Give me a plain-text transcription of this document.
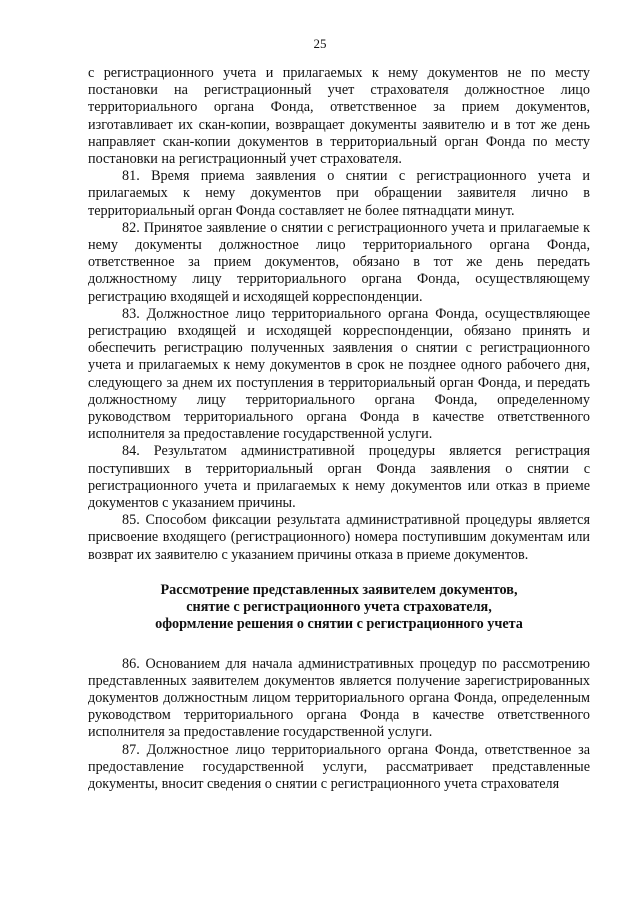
25

с регистрационного учета и прилагаемых к нему документов не по месту постановки на регистрационный учет страхователя должностное лицо территориального органа Фонда, ответственное за прием документов, изготавливает их скан-копии, возвращает документы заявителю и в тот же день направляет скан-копии документов в территориальный орган Фонда по месту постановки на регистрационный учет страхователя.

81. Время приема заявления о снятии с регистрационного учета и прилагаемых к нему документов при обращении заявителя лично в территориальный орган Фонда составляет не более пятнадцати минут.

82. Принятое заявление о снятии с регистрационного учета и прилагаемые к нему документы должностное лицо территориального органа Фонда, ответственное за прием документов, обязано в тот же день передать должностному лицу территориального органа Фонда, осуществляющему регистрацию входящей и исходящей корреспонденции.

83. Должностное лицо территориального органа Фонда, осуществляющее регистрацию входящей и исходящей корреспонденции, обязано принять и обеспечить регистрацию полученных заявления о снятии с регистрационного учета и прилагаемых к нему документов в срок не позднее одного рабочего дня, следующего за днем их поступления в территориальный орган Фонда, и передать должностному лицу территориального органа Фонда, определенному руководством территориального органа Фонда в качестве ответственного исполнителя за предоставление государственной услуги.

84. Результатом административной процедуры является регистрация поступивших в территориальный орган Фонда заявления о снятии с регистрационного учета и прилагаемых к нему документов или отказ в приеме документов с указанием причины.

85. Способом фиксации результата административной процедуры является присвоение входящего (регистрационного) номера поступившим документам или возврат их заявителю с указанием причины отказа в приеме документов.

Рассмотрение представленных заявителем документов,
снятие с регистрационного учета страхователя,
оформление решения о снятии с регистрационного учета

86. Основанием для начала административных процедур по рассмотрению представленных заявителем документов является получение зарегистрированных документов должностным лицом территориального органа Фонда, определенным руководством территориального органа Фонда в качестве ответственного исполнителя за предоставление государственной услуги.

87. Должностное лицо территориального органа Фонда, ответственное за предоставление государственной услуги, рассматривает представленные документы, вносит сведения о снятии с регистрационного учета страхователя
